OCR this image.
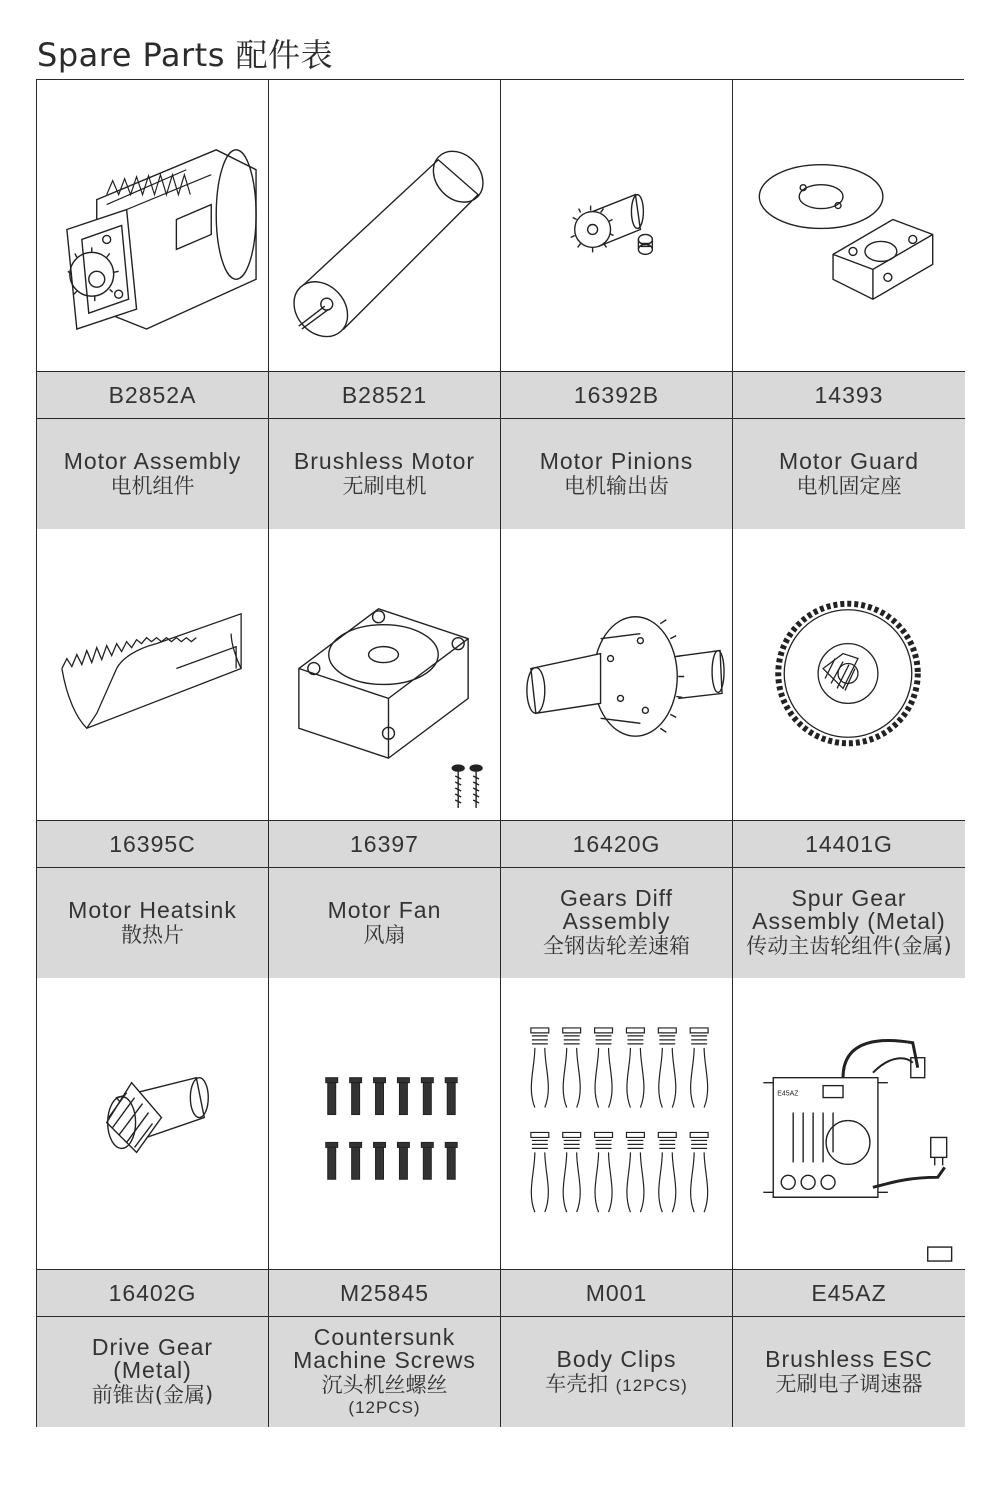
Spare Parts 配件表
B2852A
Motor Assembly
电机组件
B28521
Brushless Motor
无刷电机
16392B
Motor Pinions
电机输出齿
14393
Motor Guard
电机固定座
16395C
Motor Heatsink
散热片
16397
Motor Fan
风扇
16420G
Gears Diff
Assembly
全钢齿轮差速箱
14401G
Spur Gear
Assembly (Metal)
传动主齿轮组件(金属)
16402G
Drive Gear
(Metal)
前锥齿(金属)
M25845
Countersunk
Machine Screws
沉头机丝螺丝
(12PCS)
M001
Body Clips
车壳扣 (12PCS)
E45AZ
E45AZ
Brushless ESC
无刷电子调速器
